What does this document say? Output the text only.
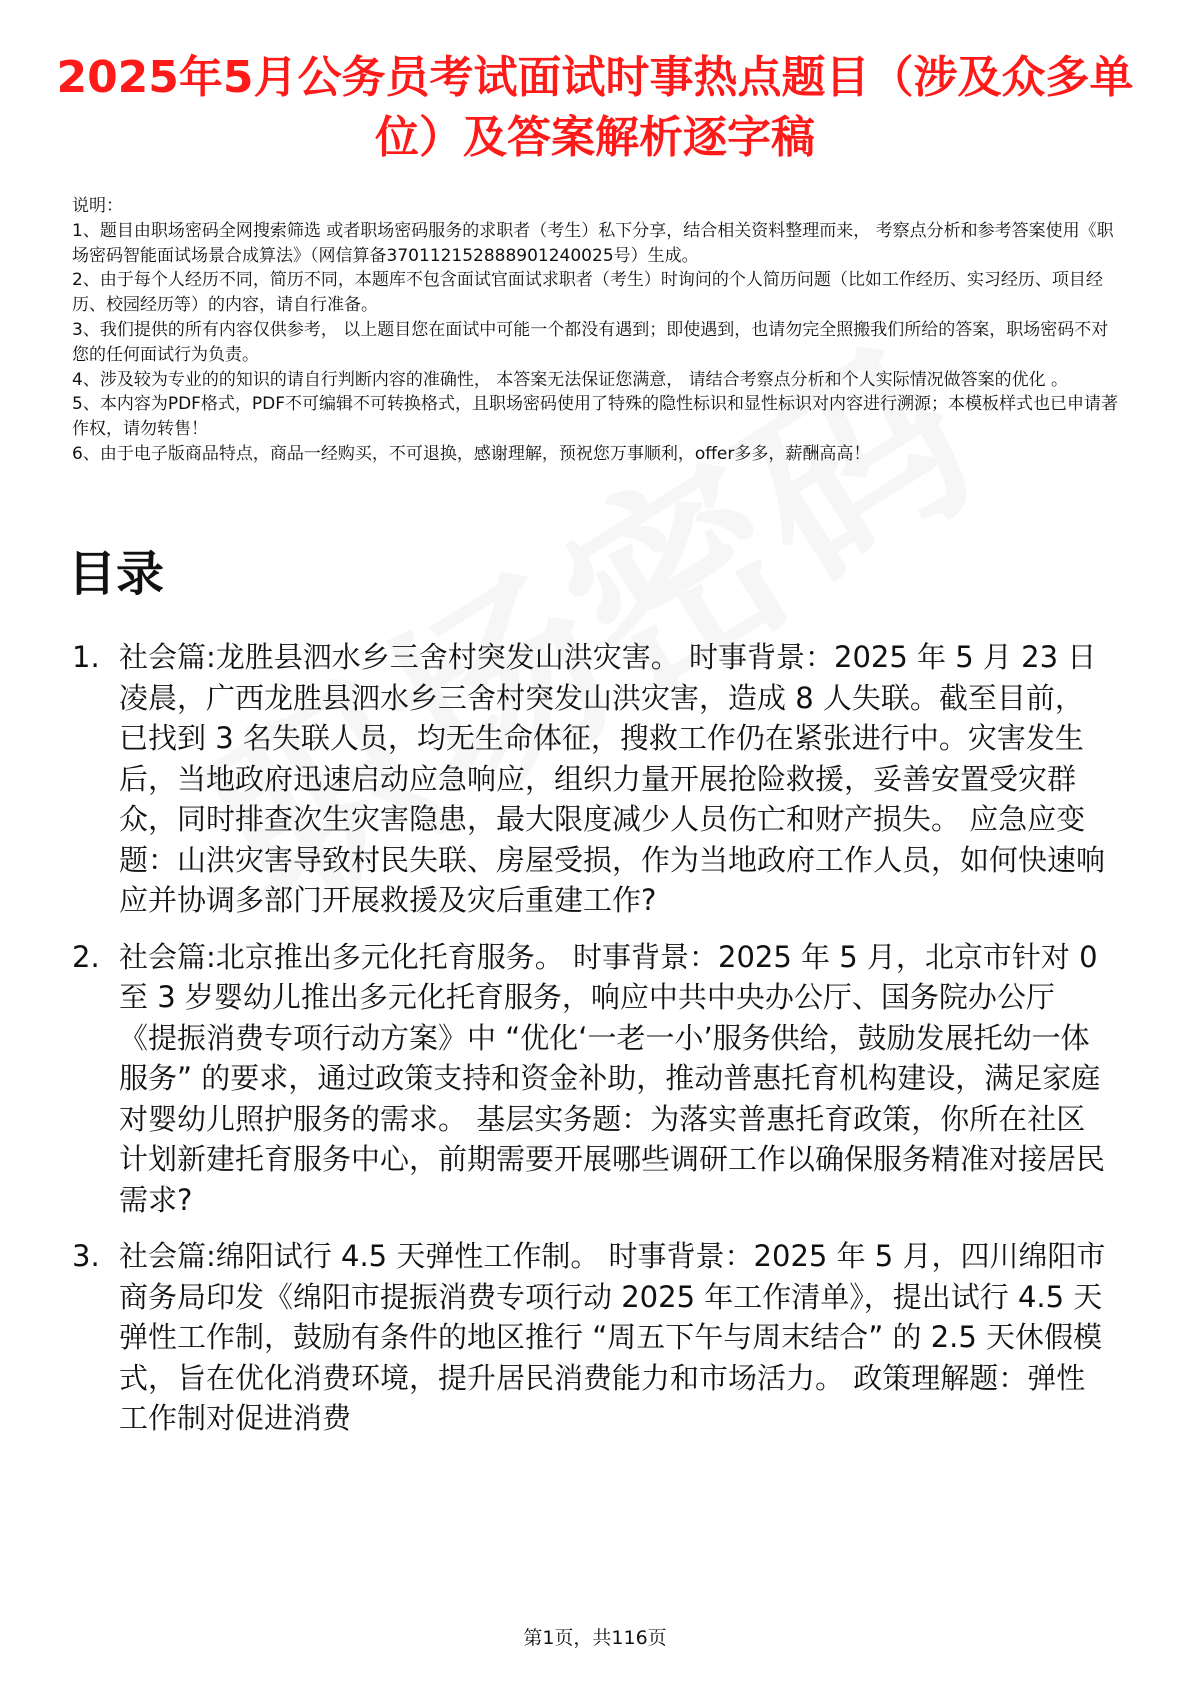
2025年5月公务员考试面试时事热点题目（涉及众多单位）及答案解析逐字稿

说明：

1、题目由职场密码全网搜索筛选 或者职场密码服务的求职者（考生）私下分享，结合相关资料整理而来， 考察点分析和参考答案使用《职场密码智能面试场景合成算法》（网信算备37011215288890124002​5号）生成。

2、由于每个人经历不同，简历不同，本题库不包含面试官面试求职者（考生）时询问的个人简历问题（比如工作经历、实习经历、项目经历、校园经历等）的内容，请自行准备。

3、我们提供的所有内容仅供参考， 以上题目您在面试中可能一个都没有遇到；即使遇到，也请勿完全照搬我们所给的答案，职场密码不对您的任何面试行为负责。

4、涉及较为专业的的知识的请自行判断内容的准确性， 本答案无法保证您满意， 请结合考察点分析和个人实际情况做答案的优化 。

5、本内容为PDF格式，PDF不可编辑不可转换格式，且职场密码使用了特殊的隐性标识和显性标识对内容进行溯源；本模板样式也已申请著作权，请勿转售！

6、由于电子版商品特点，商品一经购买，不可退换，感谢理解，预祝您万事顺利，offer多多，薪酬高高！

目录
1. 社会篇:龙胜县泗水乡三舍村突发山洪灾害。 时事背景：2025 年 5 月 23 日凌晨，广西龙胜县泗水乡三舍村突发山洪灾害，造成 8 人失联。截至目前，已找到 3 名失联人员，均无生命体征，搜救工作仍在紧张进行中。灾害发生后，当地政府迅速启动应急响应，组织力量开展抢险救援，妥善安置受灾群众，同时排查次生灾害隐患，最大限度减少人员伤亡和财产损失。 应急应变题：山洪灾害导致村民失联、房屋受损，作为当地政府工作人员，如何快速响应并协调多部门开展救援及灾后重建工作?
2. 社会篇:北京推出多元化托育服务。 时事背景：2025 年 5 月，北京市针对 0 至 3 岁婴幼儿推出多元化托育服务，响应中共中央办公厅、国务院办公厅《提振消费专项行动方案》中 “优化‘一老一小’服务供给，鼓励发展托幼一体服务” 的要求，通过政策支持和资金补助，推动普惠托育机构建设，满足家庭对婴幼儿照护服务的需求。 基层实务题：为落实普惠托育政策，你所在社区计划新建托育服务中心，前期需要开展哪些调研工作以确保服务精准对接居民需求?
3. 社会篇:绵阳试行 4.5 天弹性工作制。 时事背景：2025 年 5 月，四川绵阳市商务局印发《绵阳市提振消费专项行动 2025 年工作清单》，提出试行 4.5 天弹性工作制，鼓励有条件的地区推行 “周五下午与周末结合” 的 2.5 天休假模式，旨在优化消费环境，提升居民消费能力和市场活力。 政策理解题：弹性工作制对促进消费
第1页，共116页
